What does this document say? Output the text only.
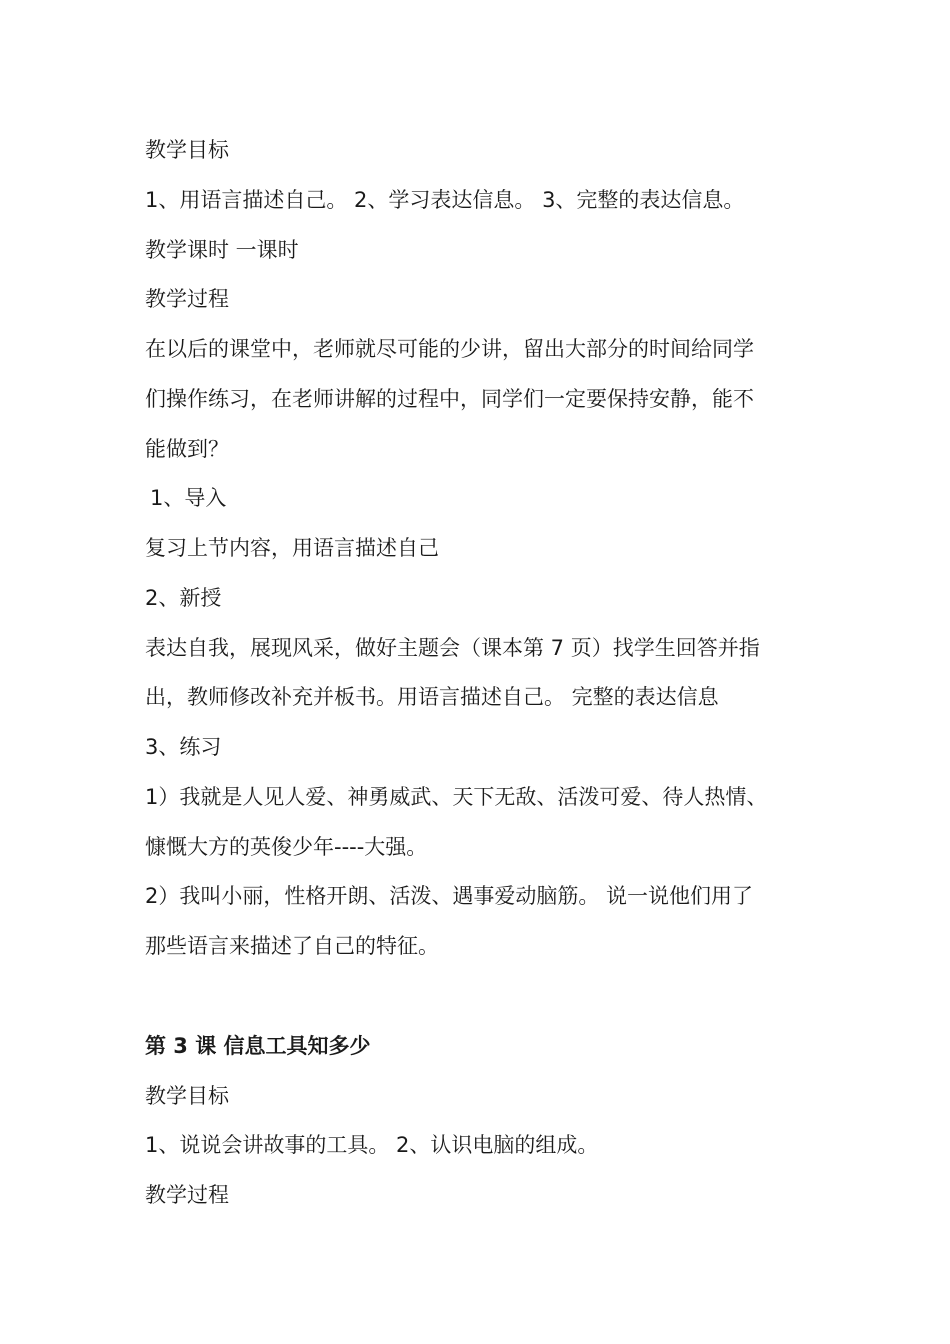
教学目标
1、用语言描述自己。 2、学习表达信息。 3、完整的表达信息。
教学课时 一课时
教学过程
在以后的课堂中，老师就尽可能的少讲，留出大部分的时间给同学
们操作练习，在老师讲解的过程中，同学们一定要保持安静，能不
能做到？
1、导入
复习上节内容，用语言描述自己
2、新授
表达自我，展现风采，做好主题会（课本第 7 页）找学生回答并指
出，教师修改补充并板书。用语言描述自己。 完整的表达信息
3、练习
1）我就是人见人爱、神勇威武、天下无敌、活泼可爱、待人热情、
慷慨大方的英俊少年----大强。
2）我叫小丽，性格开朗、活泼、遇事爱动脑筋。 说一说他们用了
那些语言来描述了自己的特征。
第 3 课 信息工具知多少
教学目标
1、说说会讲故事的工具。 2、认识电脑的组成。
教学过程
